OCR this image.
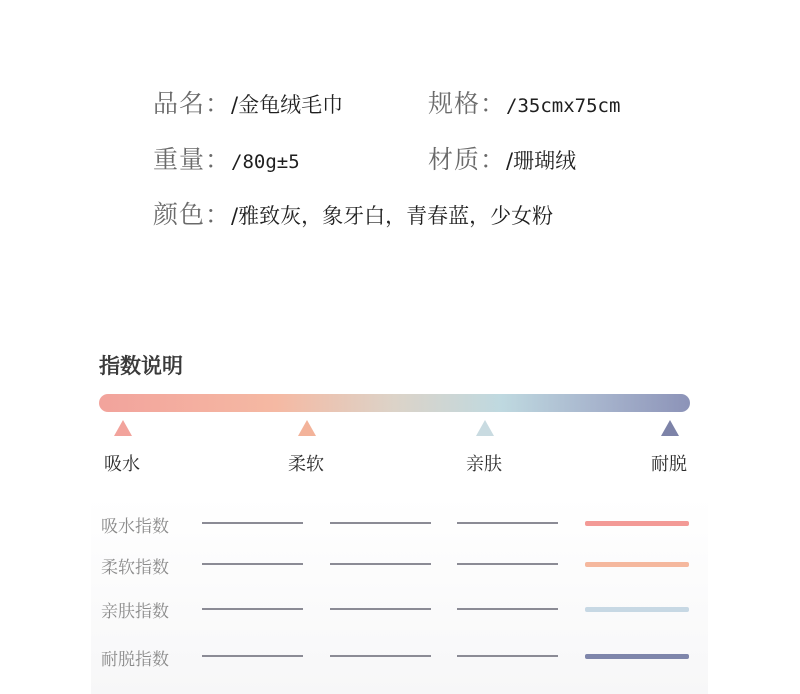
品名：/金龟绒毛巾	规格：/35cmx75cm
重量：/80g±5	材质：/珊瑚绒
颜色：/雅致灰，象牙白，青春蓝，少女粉
指数说明
吸水	柔软	亲肤	耐脱
吸水指数
柔软指数
亲肤指数
耐脱指数
